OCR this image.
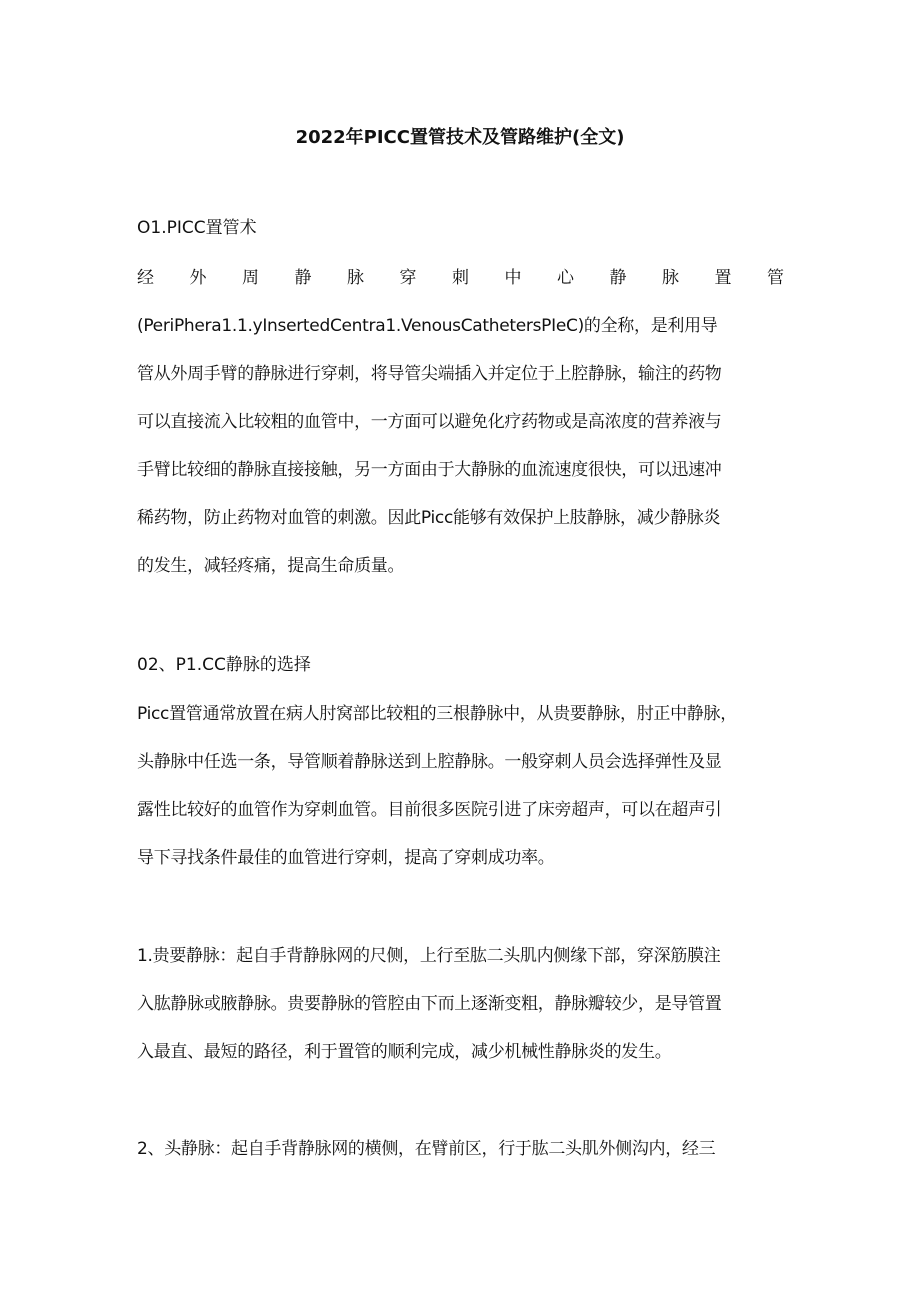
2022年PICC置管技术及管路维护(全文)
O1.PICC置管术
经 外 周 静 脉 穿 刺 中 心 静 脉 置 管
(PeriPhera1.1.yInsertedCentra1.VenousCathetersPIeC)的全称，是利用导
管从外周手臂的静脉进行穿刺，将导管尖端插入并定位于上腔静脉，输注的药物
可以直接流入比较粗的血管中，一方面可以避免化疗药物或是高浓度的营养液与
手臂比较细的静脉直接接触，另一方面由于大静脉的血流速度很快，可以迅速冲
稀药物，防止药物对血管的刺激。因此Picc能够有效保护上肢静脉，减少静脉炎
的发生，减轻疼痛，提高生命质量。
02、P1.CC静脉的选择
Picc置管通常放置在病人肘窝部比较粗的三根静脉中，从贵要静脉，肘正中静脉，
头静脉中任选一条，导管顺着静脉送到上腔静脉。一般穿刺人员会选择弹性及显
露性比较好的血管作为穿刺血管。目前很多医院引进了床旁超声，可以在超声引
导下寻找条件最佳的血管进行穿刺，提高了穿刺成功率。
1.贵要静脉：起自手背静脉网的尺侧，上行至肱二头肌内侧缘下部，穿深筋膜注
入肱静脉或腋静脉。贵要静脉的管腔由下而上逐渐变粗，静脉瓣较少，是导管置
入最直、最短的路径，利于置管的顺利完成，减少机械性静脉炎的发生。
2、头静脉：起自手背静脉网的横侧，在臂前区，行于肱二头肌外侧沟内，经三
